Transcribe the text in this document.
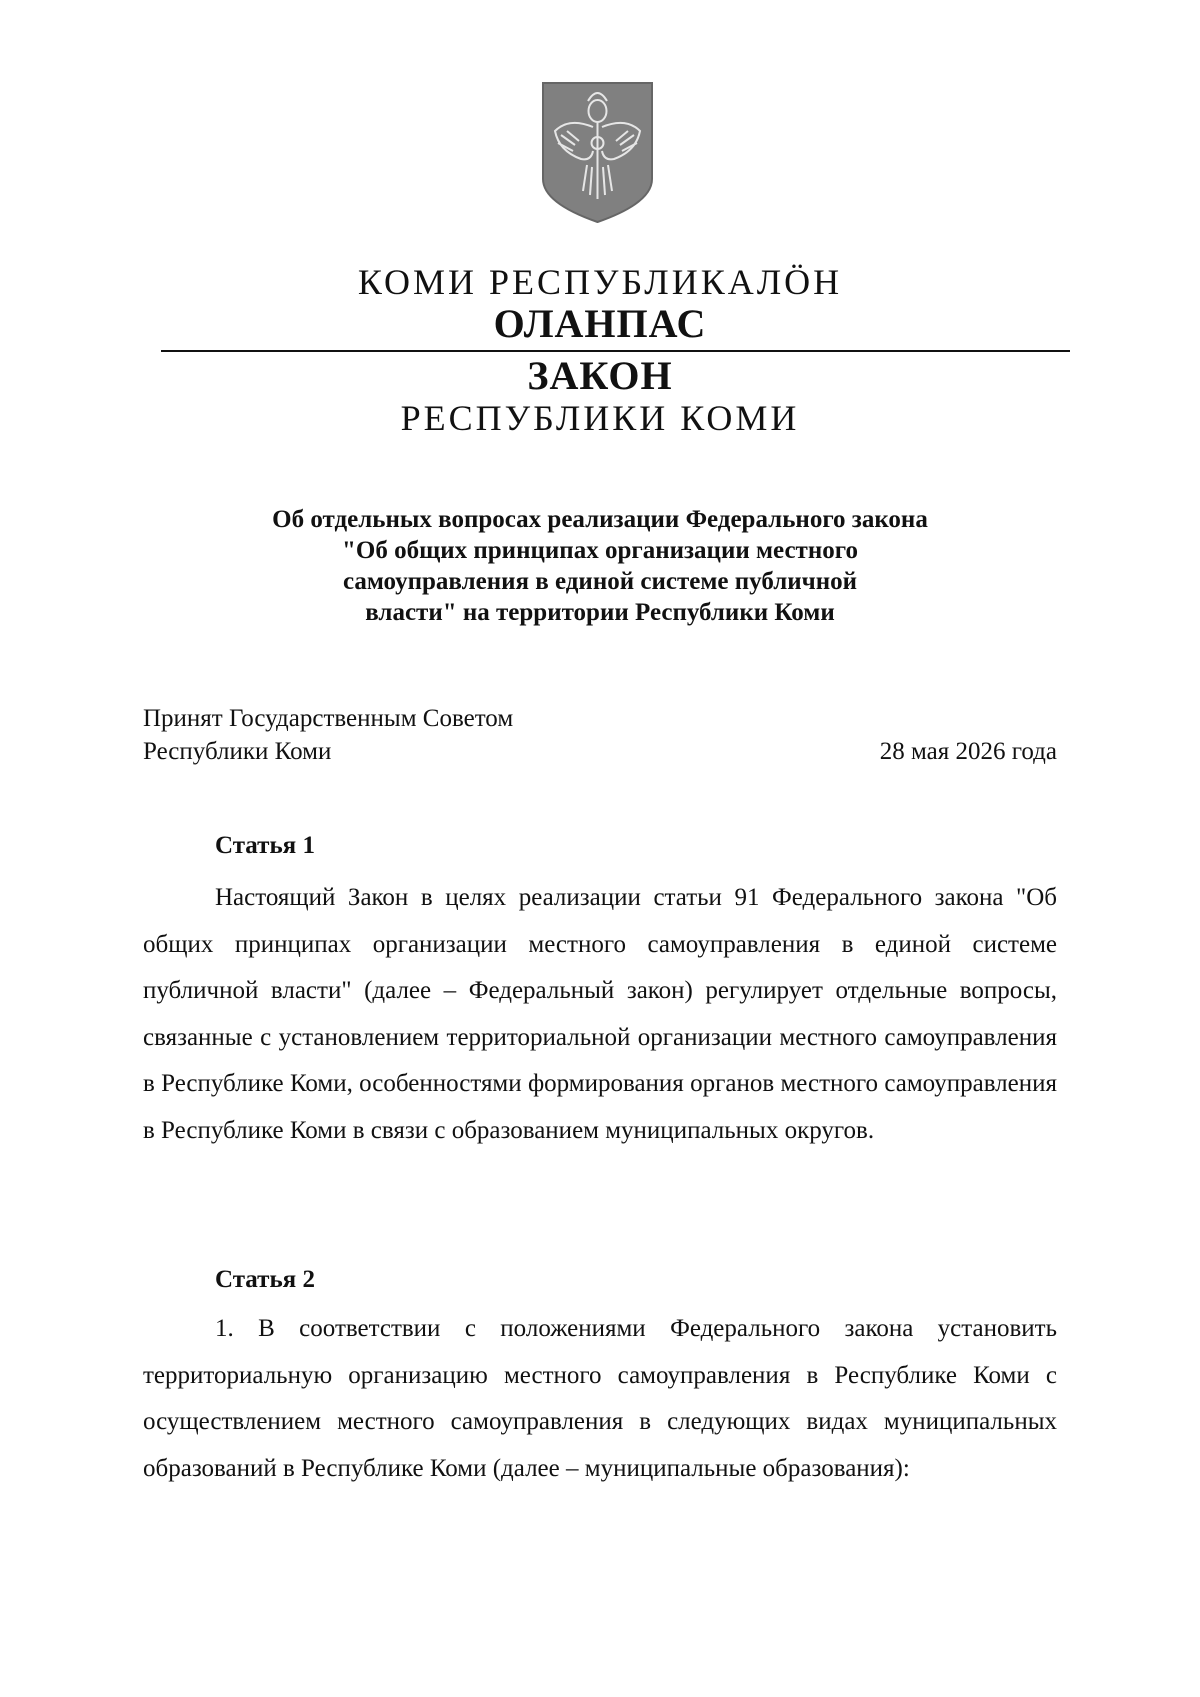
КОМИ РЕСПУБЛИКАЛӦН
ОЛАНПАС
ЗАКОН
РЕСПУБЛИКИ КОМИ
Об отдельных вопросах реализации Федерального закона
"Об общих принципах организации местного
самоуправления в единой системе публичной
власти" на территории Республики Коми
Принят Государственным Советом
Республики Коми	28 мая 2026 года
Статья 1
Настоящий Закон в целях реализации статьи 91 Федерального закона "Об общих принципах организации местного самоуправления в единой системе публичной власти" (далее – Федеральный закон) регулирует отдельные вопросы, связанные с установлением территориальной организации местного самоуправления в Республике Коми, особенностями формирования органов местного самоуправления в Республике Коми в связи с образованием муниципальных округов.
Статья 2
1. В соответствии с положениями Федерального закона установить территориальную организацию местного самоуправления в Республике Коми с осуществлением местного самоуправления в следующих видах муниципальных образований в Республике Коми (далее – муниципальные образования):
